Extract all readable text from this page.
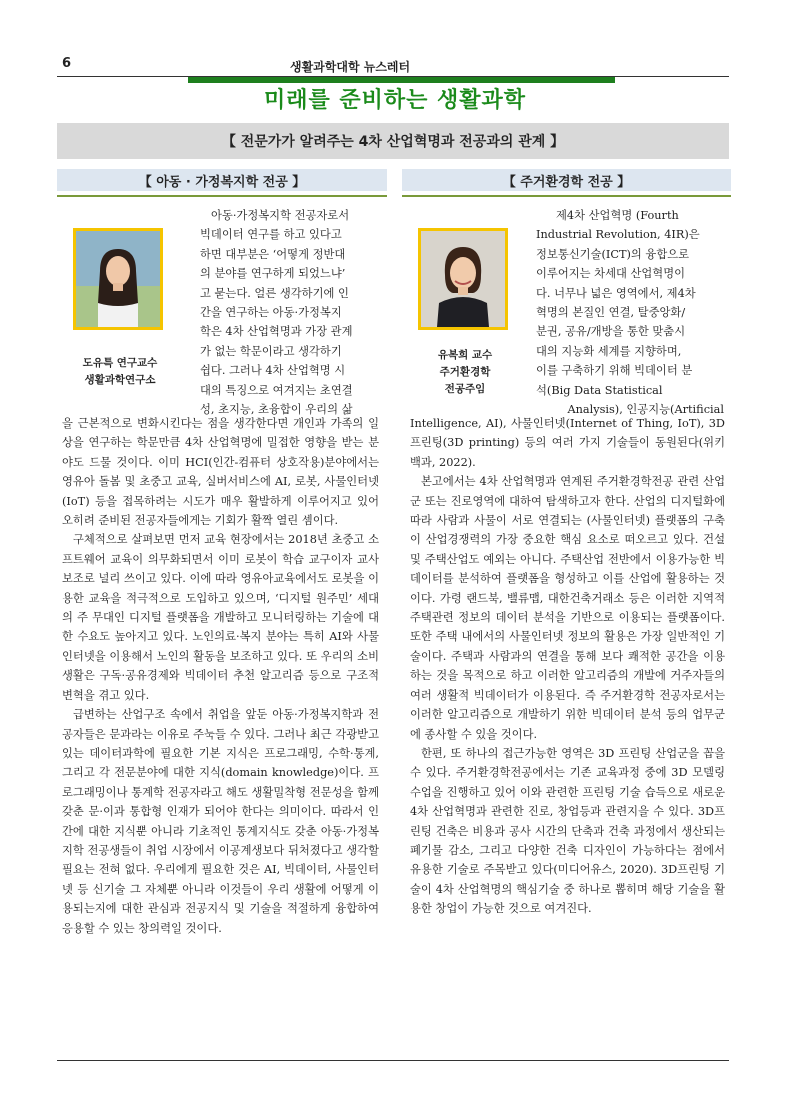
6	생활과학대학 뉴스레터
미래를 준비하는 생활과학
【 전문가가 알려주는 4차 산업혁명과 전공과의 관계 】
【 아동 · 가정복지학 전공 】
도유특 연구교수
생활과학연구소
아동·가정복지학 전공자로서
빅데이터 연구를 하고 있다고
하면 대부분은 ‘어떻게 정반대
의 분야를 연구하게 되었느냐’
고 묻는다. 얼른 생각하기에 인
간을 연구하는 아동·가정복지
학은 4차 산업혁명과 가장 관계
가 없는 학문이라고 생각하기
쉽다. 그러나 4차 산업혁명 시
대의 특징으로 여겨지는 초연결
성, 초지능, 초융합이 우리의 삶

을 근본적으로 변화시킨다는 점을 생각한다면 개인과 가족의 일상을 연구하는 학문만큼 4차 산업혁명에 밀접한 영향을 받는 분야도 드물 것이다. 이미 HCI(인간-컴퓨터 상호작용)분야에서는 영유아 돌봄 및 초중고 교육, 실버서비스에 AI, 로봇, 사물인터넷(IoT) 등을 접목하려는 시도가 매우 활발하게 이루어지고 있어 오히려 준비된 전공자들에게는 기회가 활짝 열린 셈이다.

구체적으로 살펴보면 먼저 교육 현장에서는 2018년 초중고 소프트웨어 교육이 의무화되면서 이미 로봇이 학습 교구이자 교사 보조로 널리 쓰이고 있다. 이에 따라 영유아교육에서도 로봇을 이용한 교육을 적극적으로 도입하고 있으며, ‘디지털 원주민’ 세대의 주 무대인 디지털 플랫폼을 개발하고 모니터링하는 기술에 대한 수요도 높아지고 있다. 노인의료·복지 분야는 특히 AI와 사물인터넷을 이용해서 노인의 활동을 보조하고 있다. 또 우리의 소비생활은 구독·공유경제와 빅데이터 추천 알고리즘 등으로 구조적 변혁을 겪고 있다.

급변하는 산업구조 속에서 취업을 앞둔 아동·가정복지학과 전공자들은 문과라는 이유로 주눅들 수 있다. 그러나 최근 각광받고 있는 데이터과학에 필요한 기본 지식은 프로그래밍, 수학·통계, 그리고 각 전문분야에 대한 지식(domain knowledge)이다. 프로그래밍이나 통계학 전공자라고 해도 생활밀착형 전문성을 함께 갖춘 문·이과 통합형 인재가 되어야 한다는 의미이다. 따라서 인간에 대한 지식뿐 아니라 기초적인 통계지식도 갖춘 아동·가정복지학 전공생들이 취업 시장에서 이공계생보다 뒤처졌다고 생각할 필요는 전혀 없다. 우리에게 필요한 것은 AI, 빅데이터, 사물인터넷 등 신기술 그 자체뿐 아니라 이것들이 우리 생활에 어떻게 이용되는지에 대한 관심과 전공지식 및 기술을 적절하게 융합하여 응용할 수 있는 창의력일 것이다.

【 주거환경학 전공 】
유복희 교수
주거환경학
전공주임
제4차 산업혁명 (Fourth
Industrial Revolution, 4IR)은
정보통신기술(ICT)의 융합으로
이루어지는 차세대 산업혁명이
다. 너무나 넓은 영역에서, 제4차
혁명의 본질인 연결, 탈중앙화/
분권, 공유/개방을 통한 맞춤시
대의 지능화 세계를 지향하며,
이를 구축하기 위해 빅데이터 분
석(Big Data Statistical
Analysis), 인공지능(Artificial

Intelligence, AI), 사물인터넷(Internet of Thing, IoT), 3D 프린팅(3D printing) 등의 여러 가지 기술들이 동원된다(위키백과, 2022).

본고에서는 4차 산업혁명과 연계된 주거환경학전공 관련 산업군 또는 진로영역에 대하여 탐색하고자 한다. 산업의 디지털화에 따라 사람과 사물이 서로 연결되는 (사물인터넷) 플랫폼의 구축이 산업경쟁력의 가장 중요한 핵심 요소로 떠오르고 있다. 건설 및 주택산업도 예외는 아니다. 주택산업 전반에서 이용가능한 빅데이터를 분석하여 플랫폼을 형성하고 이를 산업에 활용하는 것이다. 가령 랜드북, 밸류맵, 대한건축거래소 등은 이러한 지역적 주택관련 정보의 데이터 분석을 기반으로 이용되는 플랫폼이다. 또한 주택 내에서의 사물인터넷 정보의 활용은 가장 일반적인 기술이다. 주택과 사람과의 연결을 통해 보다 쾌적한 공간을 이용하는 것을 목적으로 하고 이러한 알고리즘의 개발에 거주자들의 여러 생활적 빅데이터가 이용된다. 즉 주거환경학 전공자로서는 이러한 알고리즘으로 개발하기 위한 빅데이터 분석 등의 업무군에 종사할 수 있을 것이다.

한편, 또 하나의 접근가능한 영역은 3D 프린팅 산업군을 꼽을 수 있다. 주거환경학전공에서는 기존 교육과정 중에 3D 모델링 수업을 진행하고 있어 이와 관련한 프린팅 기술 습득으로 새로운 4차 산업혁명과 관련한 진로, 창업등과 관련지을 수 있다. 3D프린팅 건축은 비용과 공사 시간의 단축과 건축 과정에서 생산되는 폐기물 감소, 그리고 다양한 건축 디자인이 가능하다는 점에서 유용한 기술로 주목받고 있다(미디어유스, 2020). 3D프린팅 기술이 4차 산업혁명의 핵심기술 중 하나로 뽑히며 해당 기술을 활용한 창업이 가능한 것으로 여겨진다.
